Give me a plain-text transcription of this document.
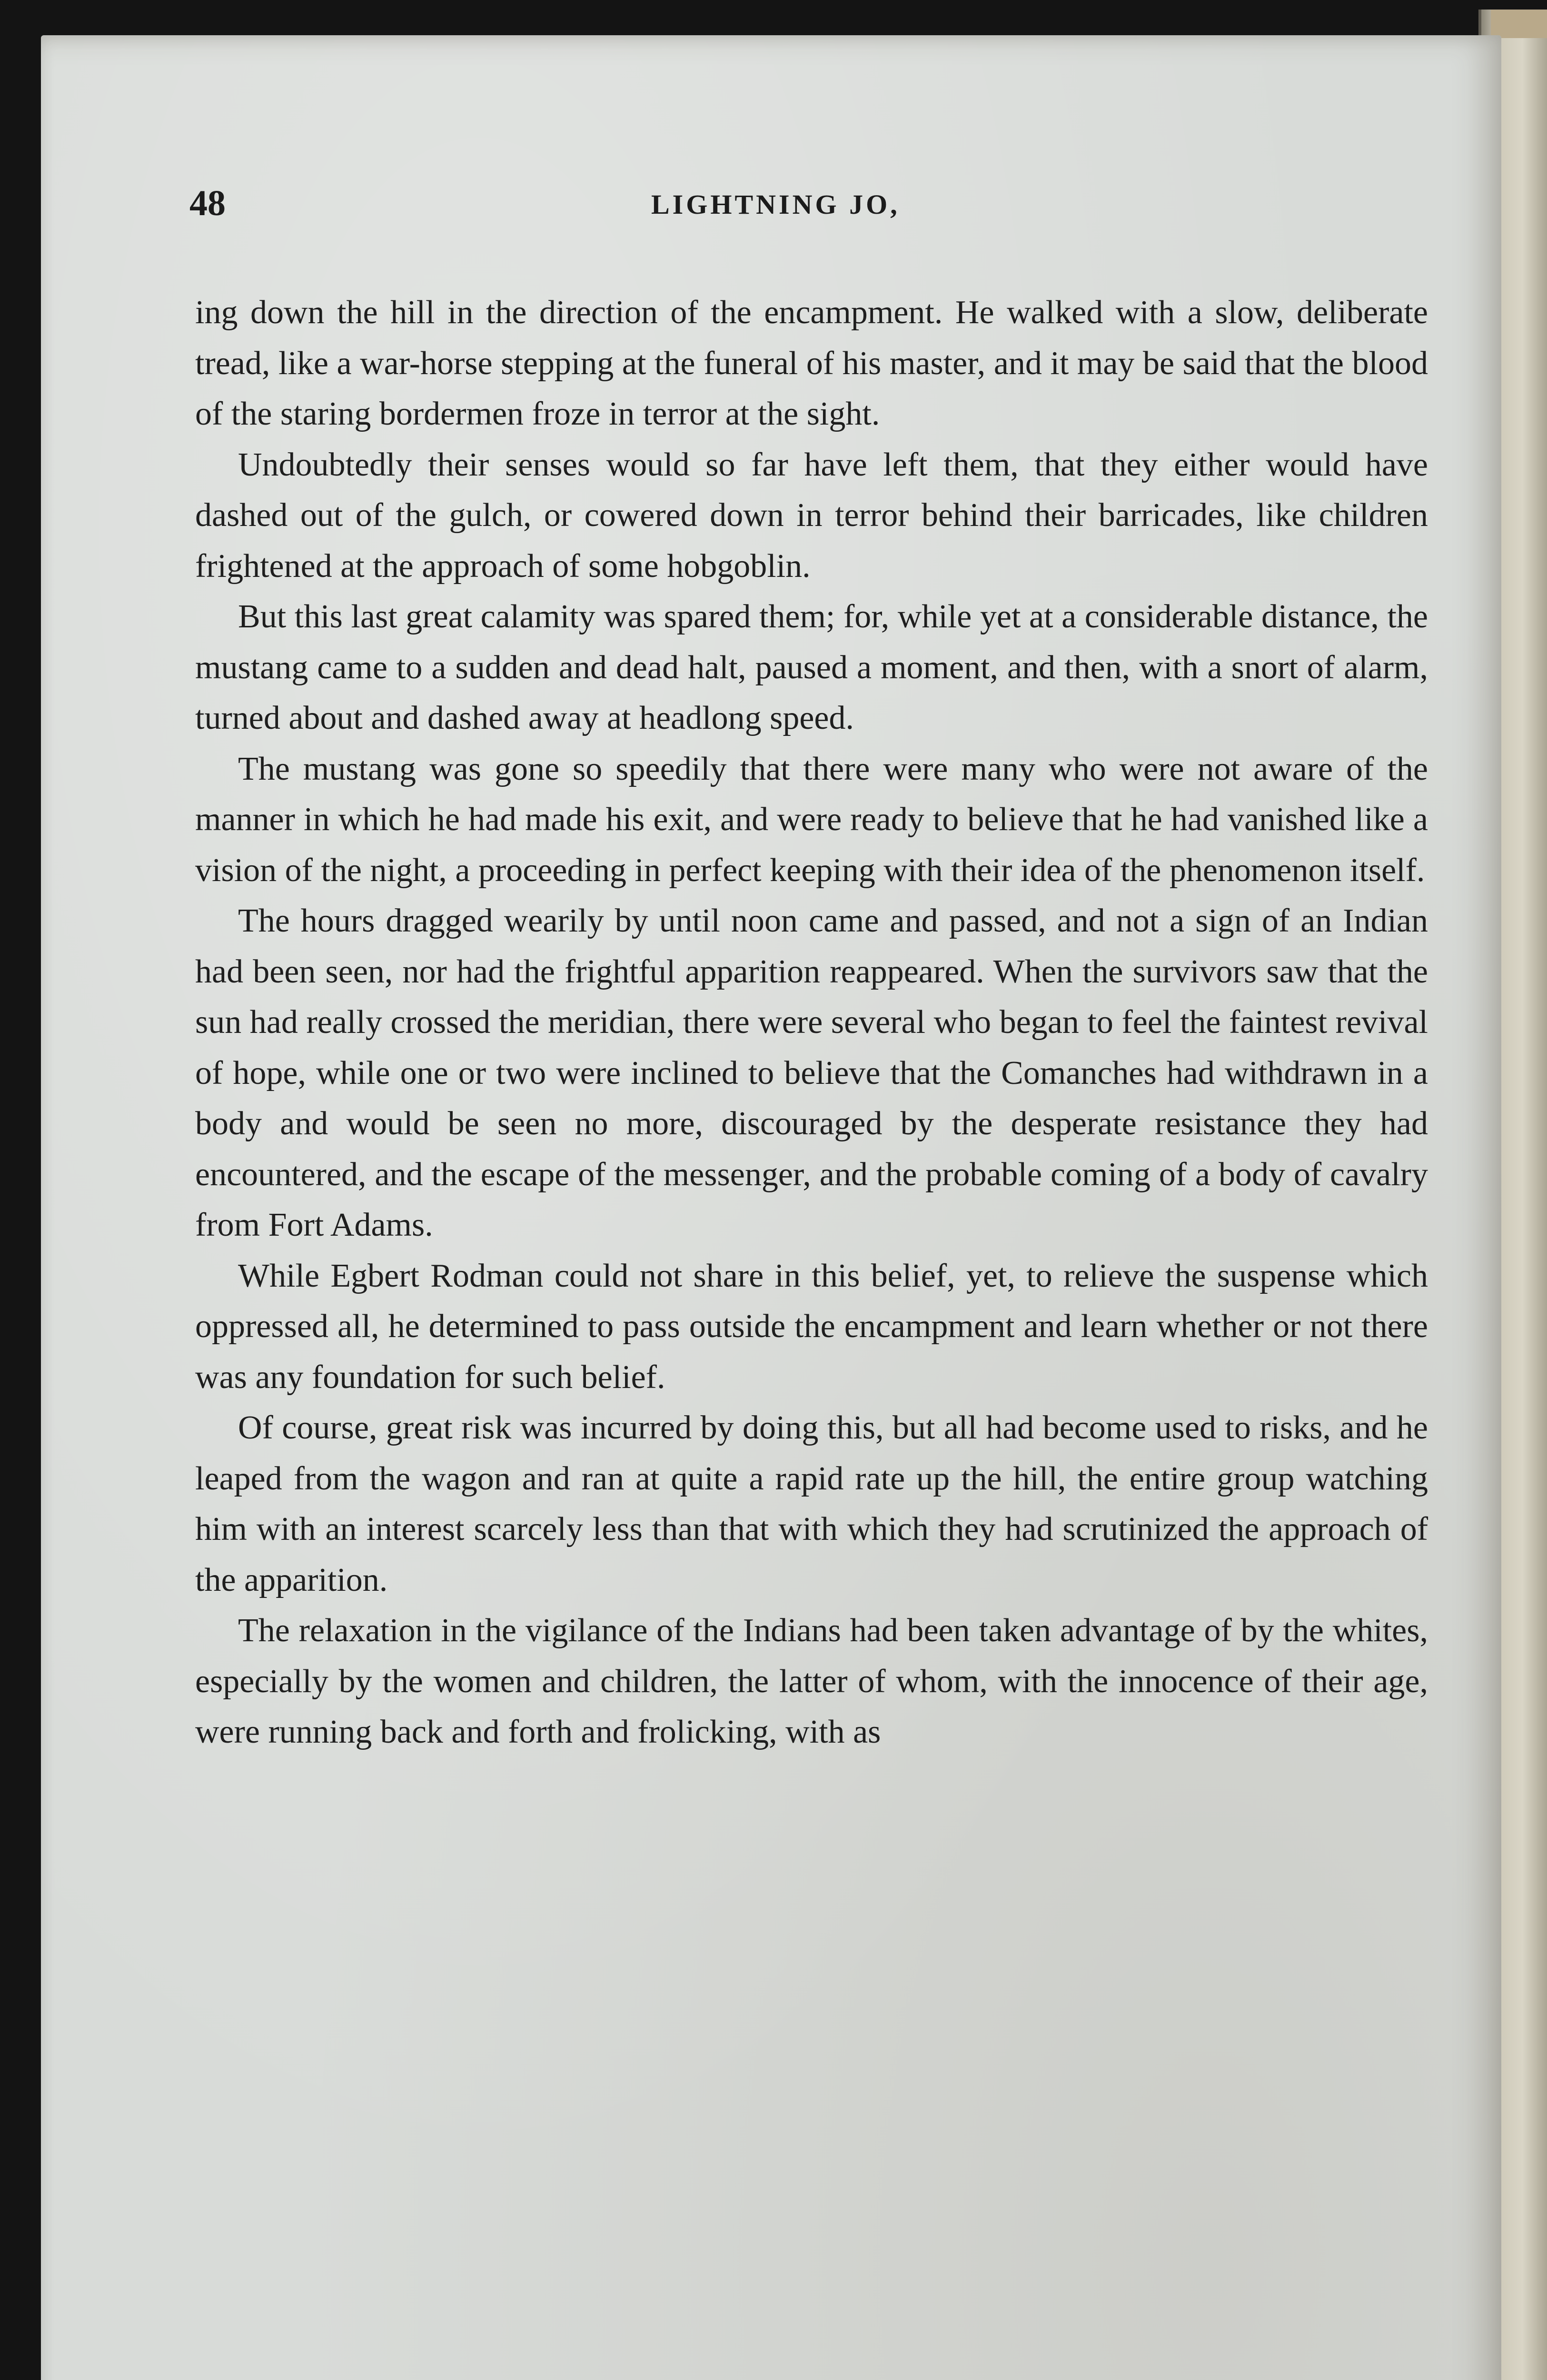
48	LIGHTNING JO,

ing down the hill in the direction of the encampment. He walked with a slow, deliberate tread, like a war-horse stepping at the funeral of his master, and it may be said that the blood of the staring bordermen froze in terror at the sight.

Undoubtedly their senses would so far have left them, that they either would have dashed out of the gulch, or cowered down in terror behind their barricades, like children frightened at the approach of some hobgoblin.

But this last great calamity was spared them; for, while yet at a considerable distance, the mustang came to a sudden and dead halt, paused a moment, and then, with a snort of alarm, turned about and dashed away at headlong speed.

The mustang was gone so speedily that there were many who were not aware of the manner in which he had made his exit, and were ready to believe that he had vanished like a vision of the night, a proceeding in perfect keeping with their idea of the phenomenon itself.

The hours dragged wearily by until noon came and passed, and not a sign of an Indian had been seen, nor had the frightful apparition reappeared. When the survivors saw that the sun had really crossed the meridian, there were several who began to feel the faintest revival of hope, while one or two were inclined to believe that the Comanches had withdrawn in a body and would be seen no more, discouraged by the desperate resistance they had encountered, and the escape of the messenger, and the probable coming of a body of cavalry from Fort Adams.

While Egbert Rodman could not share in this belief, yet, to relieve the suspense which oppressed all, he determined to pass outside the encampment and learn whether or not there was any foundation for such belief.

Of course, great risk was incurred by doing this, but all had become used to risks, and he leaped from the wagon and ran at quite a rapid rate up the hill, the entire group watching him with an interest scarcely less than that with which they had scrutinized the approach of the apparition.

The relaxation in the vigilance of the Indians had been taken advantage of by the whites, especially by the women and children, the latter of whom, with the innocence of their age, were running back and forth and frolicking, with as
